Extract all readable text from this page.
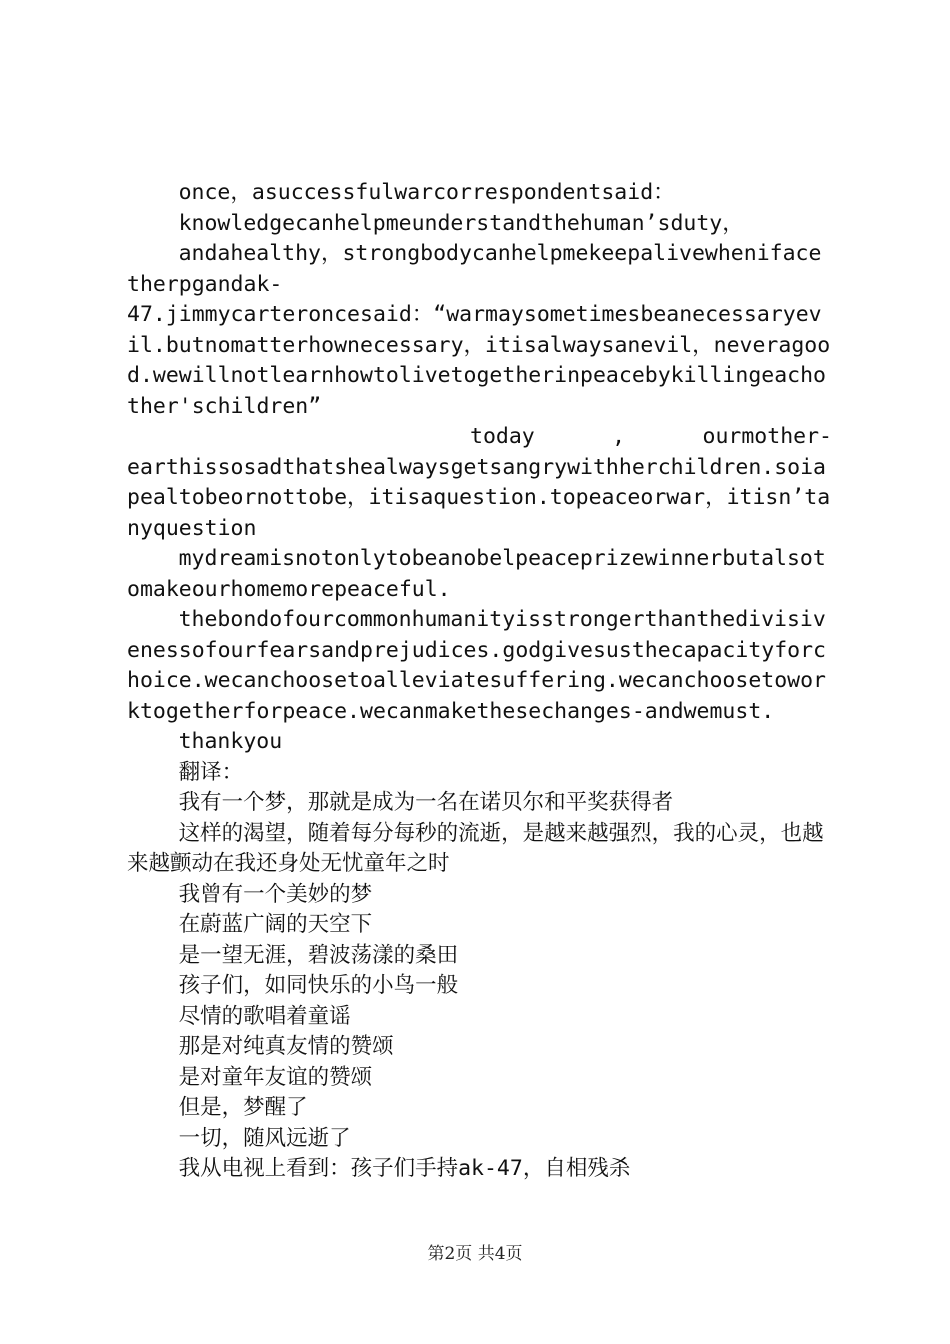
once，asuccessfulwarcorrespondentsaid：

knowledgecanhelpmeunderstandthehuman’sduty，

andahealthy，strongbodycanhelpmekeepalivewhenifacetherpgandak-

47.jimmycarteroncesaid：“warmaysometimesbeanecessaryevil.butnomatterhownecessary，itisalwaysanevil，neveragood.wewillnotlearnhowtolivetogetherinpeacebykillingeachother'schildren”

today	,	ourmother-

earthissosadthatshealwaysgetsangrywithherchildren.soiapealtobeornottobe，itisaquestion.topeaceorwar，itisn’tanyquestion

mydreamisnotonlytobeanobelpeaceprizewinnerbutalsotomakeourhomemorepeaceful.

thebondofourcommonhumanityisstrongerthanthedivisivenessofourfearsandprejudices.godgivesusthecapacityforchoice.wecanchoosetoalleviatesuffering.wecanchoosetoworktogetherforpeace.wecanmakethesechanges-andwemust.

thankyou

翻译：

我有一个梦，那就是成为一名在诺贝尔和平奖获得者

这样的渴望，随着每分每秒的流逝，是越来越强烈，我的心灵，也越来越颤动在我还身处无忧童年之时

我曾有一个美妙的梦

在蔚蓝广阔的天空下

是一望无涯，碧波荡漾的桑田

孩子们，如同快乐的小鸟一般

尽情的歌唱着童谣

那是对纯真友情的赞颂

是对童年友谊的赞颂

但是，梦醒了

一切，随风远逝了

我从电视上看到：孩子们手持ak-47，自相残杀

第2页 共4页
